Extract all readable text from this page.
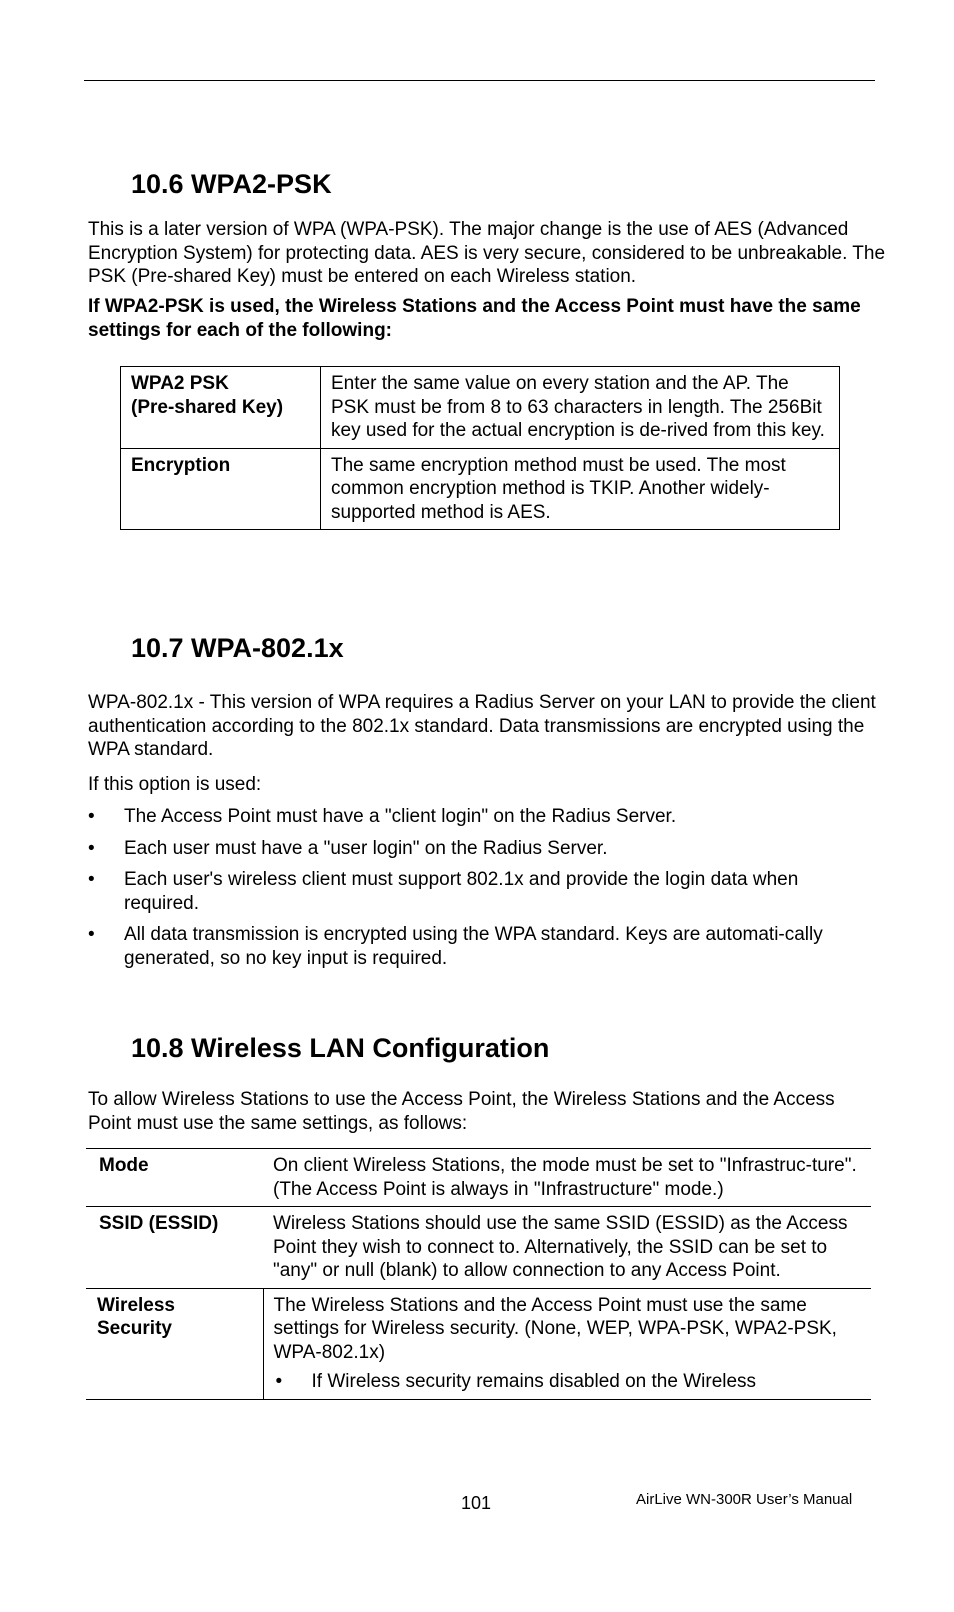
10.6 WPA2-PSK

This is a later version of WPA (WPA-PSK). The major change is the use of AES (Advanced Encryption System) for protecting data. AES is very secure, considered to be unbreakable. The PSK (Pre-shared Key) must be entered on each Wireless station.

If WPA2-PSK is used, the Wireless Stations and the Access Point must have the same settings for each of the following:

WPA2 PSK
(Pre-shared Key)	Enter the same value on every station and the AP. The PSK must be from 8 to 63 characters in length. The 256Bit key used for the actual encryption is de-rived from this key.
Encryption	The same encryption method must be used. The most common encryption method is TKIP. Another widely-supported method is AES.
10.7 WPA-802.1x

WPA-802.1x - This version of WPA requires a Radius Server on your LAN to provide the client authentication according to the 802.1x standard. Data transmissions are encrypted using the WPA standard.

If this option is used:

• The Access Point must have a "client login" on the Radius Server.
• Each user must have a "user login" on the Radius Server.
• Each user's wireless client must support 802.1x and provide the login data when required.
• All data transmission is encrypted using the WPA standard. Keys are automati-cally generated, so no key input is required.
10.8 Wireless LAN Configuration

To allow Wireless Stations to use the Access Point, the Wireless Stations and the Access Point must use the same settings, as follows:

Mode	On client Wireless Stations, the mode must be set to "Infrastruc-ture".
(The Access Point is always in "Infrastructure" mode.)

SSID (ESSID)	Wireless Stations should use the same SSID (ESSID) as the Access Point they wish to connect to. Alternatively, the SSID can be set to "any" or null (blank) to allow connection to any Access Point.
Wireless Security	The Wireless Stations and the Access Point must use the same settings for Wireless security. (None, WEP, WPA-PSK, WPA2-PSK, WPA-802.1x)
• If Wireless security remains disabled on the Wireless
101	AirLive WN-300R User’s Manual
